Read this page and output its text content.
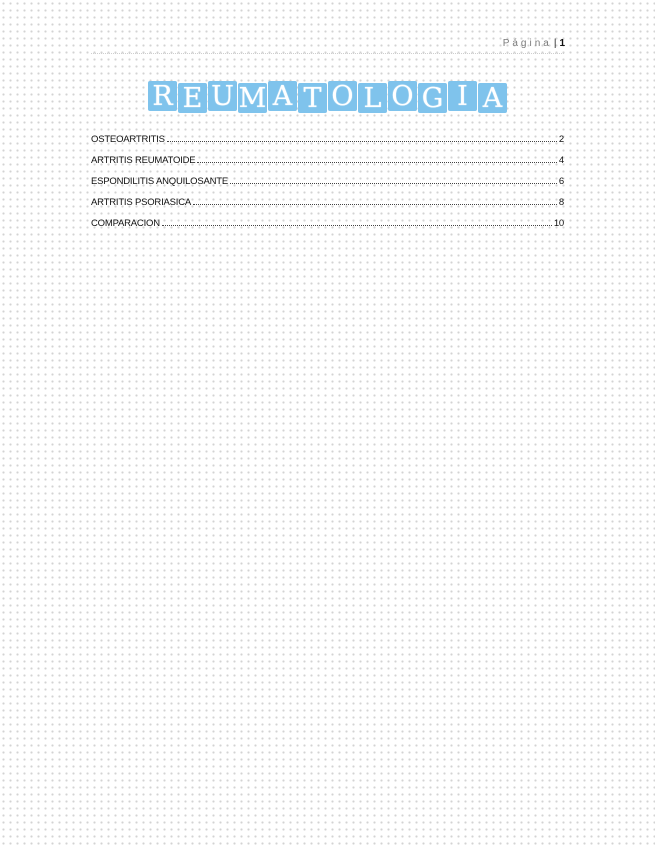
Página | 1
R E U M A T O L O G I A
OSTEOARTRITIS	2
ARTRITIS REUMATOIDE	4
ESPONDILITIS ANQUILOSANTE	6
ARTRITIS PSORIASICA	8
COMPARACION	10
